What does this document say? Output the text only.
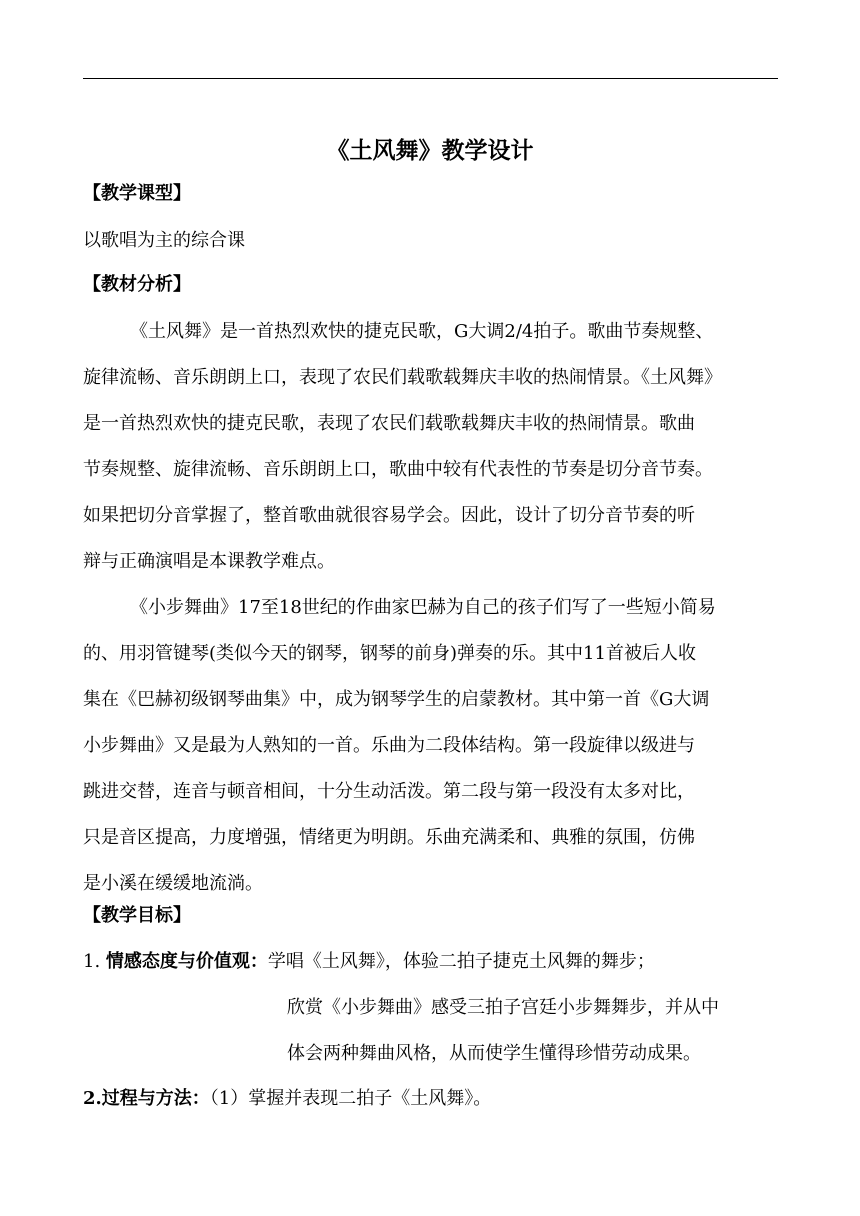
《土风舞》教学设计
【教学课型】
以歌唱为主的综合课
【教材分析】
《土风舞》是一首热烈欢快的捷克民歌，G大调2/4拍子。歌曲节奏规整、
旋律流畅、音乐朗朗上口，表现了农民们载歌载舞庆丰收的热闹情景。《土风舞》
是一首热烈欢快的捷克民歌，表现了农民们载歌载舞庆丰收的热闹情景。歌曲
节奏规整、旋律流畅、音乐朗朗上口，歌曲中较有代表性的节奏是切分音节奏。
如果把切分音掌握了，整首歌曲就很容易学会。因此，设计了切分音节奏的听
辩与正确演唱是本课教学难点。
《小步舞曲》17至18世纪的作曲家巴赫为自己的孩子们写了一些短小简易
的、用羽管键琴(类似今天的钢琴，钢琴的前身)弹奏的乐。其中11首被后人收
集在《巴赫初级钢琴曲集》中，成为钢琴学生的启蒙教材。其中第一首《G大调
小步舞曲》又是最为人熟知的一首。乐曲为二段体结构。第一段旋律以级进与
跳进交替，连音与顿音相间，十分生动活泼。第二段与第一段没有太多对比，
只是音区提高，力度增强，情绪更为明朗。乐曲充满柔和、典雅的氛围，仿佛
是小溪在缓缓地流淌。
【教学目标】
1. 情感态度与价值观：学唱《土风舞》，体验二拍子捷克土风舞的舞步；
欣赏《小步舞曲》感受三拍子宫廷小步舞舞步，并从中
体会两种舞曲风格，从而使学生懂得珍惜劳动成果。
2.过程与方法：（1）掌握并表现二拍子《土风舞》。
